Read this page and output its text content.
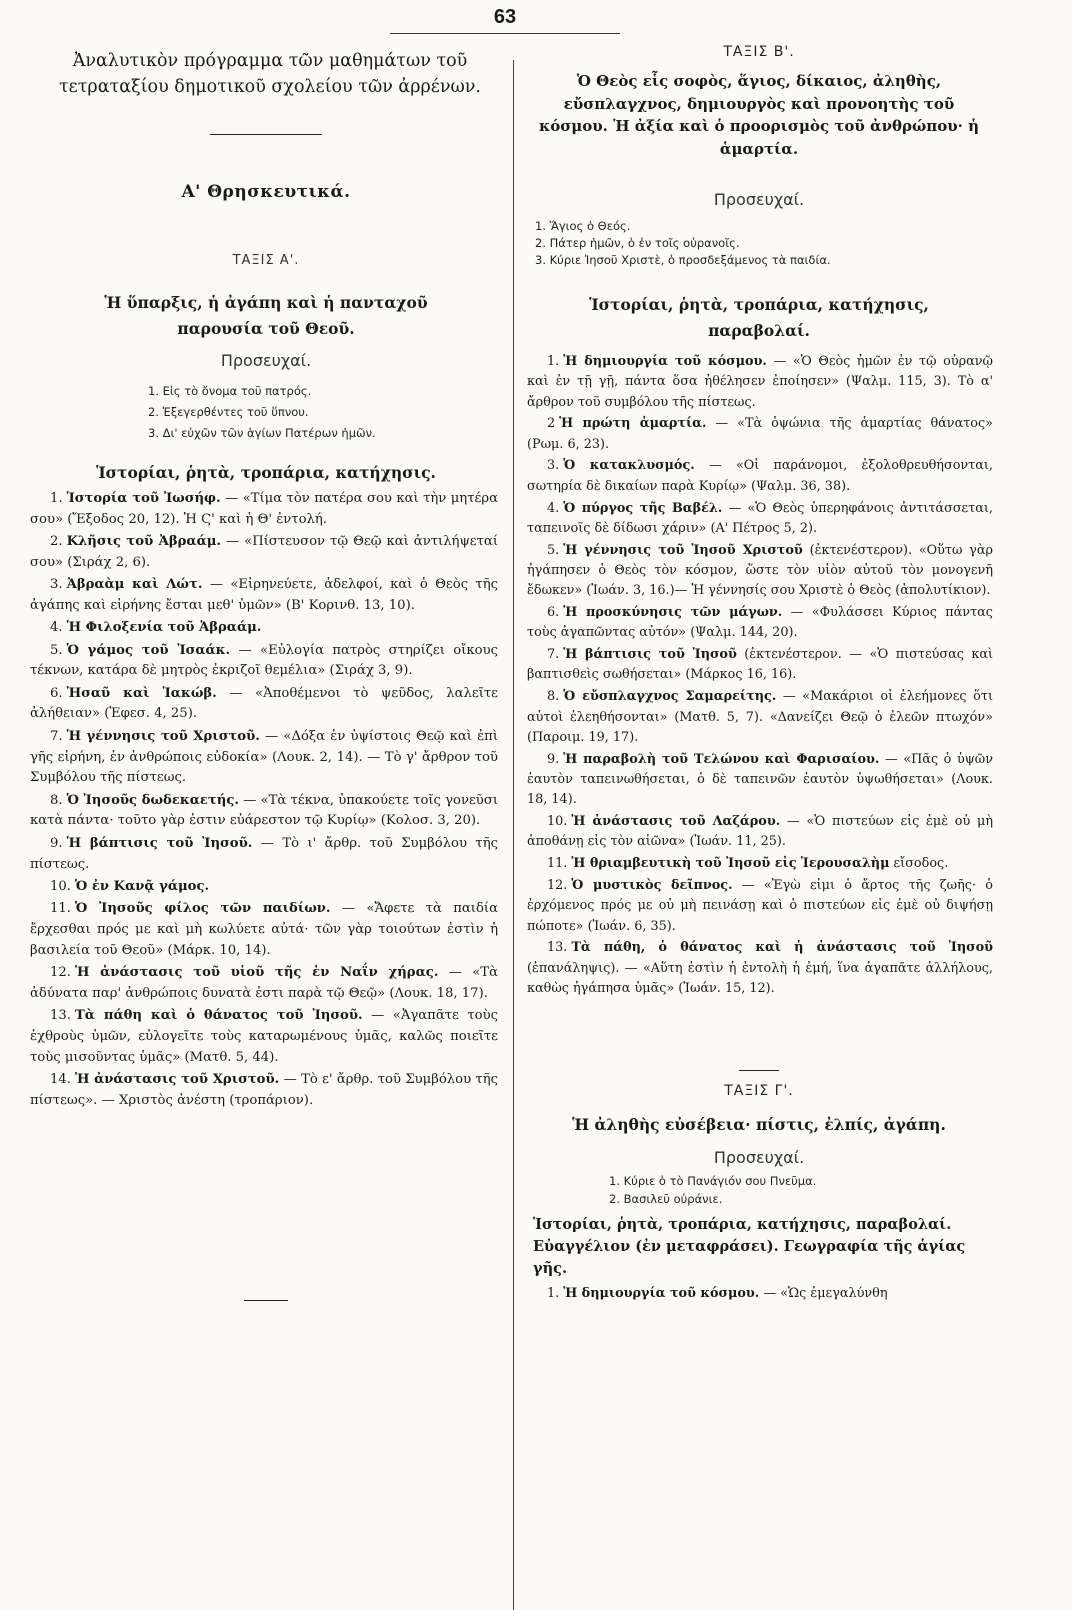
63
Ἀναλυτικὸν πρόγραμμα τῶν μαθημάτων τοῦ τετραταξίου δημοτικοῦ σχολείου τῶν ἀρρένων.
Α' Θρησκευτικά.
ΤΑΞΙΣ Α'.
Ἡ ὕπαρξις, ἡ ἀγάπη καὶ ἡ πανταχοῦ παρουσία τοῦ Θεοῦ.
Προσευχαί.
1. Εἰς τὸ ὄνομα τοῦ πατρός.
2. Ἐξεγερθέντες τοῦ ὕπνου.
3. Δι' εὐχῶν τῶν ἁγίων Πατέρων ἡμῶν.
Ἱστορίαι, ῥητὰ, τροπάρια, κατήχησις.
1. Ἱστορία τοῦ Ἰωσήφ. — «Τίμα τὸν πατέρα σου καὶ τὴν μητέρα σου» (Ἔξοδος 20, 12). Ἡ Ϛ' καὶ ἡ Θ' ἐντολή.
2. Κλῆσις τοῦ Ἀβραάμ. — «Πίστευσον τῷ Θεῷ καὶ ἀντιλήψεταί σου» (Σιράχ 2, 6).
3. Ἀβραὰμ καὶ Λώτ. — «Εἰρηνεύετε, ἀδελφοί, καὶ ὁ Θεὸς τῆς ἀγάπης καὶ εἰρήνης ἔσται μεθ' ὑμῶν» (Β' Κορινθ. 13, 10).
4. Ἡ Φιλοξενία τοῦ Ἀβραάμ.
5. Ὁ γάμος τοῦ Ἰσαάκ. — «Εὐλογία πατρὸς στηρίζει οἴκους τέκνων, κατάρα δὲ μητρὸς ἐκριζοῖ θεμέλια» (Σιράχ 3, 9).
6. Ἠσαῦ καὶ Ἰακώβ. — «Ἀποθέμενοι τὸ ψεῦδος, λαλεῖτε ἀλήθειαν» (Ἐφεσ. 4, 25).
7. Ἡ γέννησις τοῦ Χριστοῦ. — «Δόξα ἐν ὑψίστοις Θεῷ καὶ ἐπὶ γῆς εἰρήνη, ἐν ἀνθρώποις εὐδοκία» (Λουκ. 2, 14). — Τὸ γ' ἄρθρον τοῦ Συμβόλου τῆς πίστεως.
8. Ὁ Ἰησοῦς δωδεκαετής. — «Τὰ τέκνα, ὑπακούετε τοῖς γονεῦσι κατὰ πάντα· τοῦτο γὰρ ἐστιν εὐάρεστον τῷ Κυρίῳ» (Κολοσ. 3, 20).
9. Ἡ βάπτισις τοῦ Ἰησοῦ. — Τὸ ι' ἄρθρ. τοῦ Συμβόλου τῆς πίστεως.
10. Ὁ ἐν Κανᾷ γάμος.
11. Ὁ Ἰησοῦς φίλος τῶν παιδίων. — «Ἄφετε τὰ παιδία ἔρχεσθαι πρός με καὶ μὴ κωλύετε αὐτά· τῶν γὰρ τοιούτων ἐστὶν ἡ βασιλεία τοῦ Θεοῦ» (Μάρκ. 10, 14).
12. Ἡ ἀνάστασις τοῦ υἱοῦ τῆς ἐν Ναΐν χήρας. — «Τὰ ἀδύνατα παρ' ἀνθρώποις δυνατὰ ἐστι παρὰ τῷ Θεῷ» (Λουκ. 18, 17).
13. Τὰ πάθη καὶ ὁ θάνατος τοῦ Ἰησοῦ. — «Ἀγαπᾶτε τοὺς ἐχθροὺς ὑμῶν, εὐλογεῖτε τοὺς καταρωμένους ὑμᾶς, καλῶς ποιεῖτε τοὺς μισοῦντας ὑμᾶς» (Ματθ. 5, 44).
14. Ἡ ἀνάστασις τοῦ Χριστοῦ. — Τὸ ε' ἄρθρ. τοῦ Συμβόλου τῆς πίστεως». — Χριστὸς ἀνέστη (τροπάριον).
ΤΑΞΙΣ Β'.
Ὁ Θεὸς εἷς σοφὸς, ἅγιος, δίκαιος, ἀληθὴς, εὔσπλαγχνος, δημιουργὸς καὶ προνοητὴς τοῦ κόσμου. Ἡ ἀξία καὶ ὁ προορισμὸς τοῦ ἀνθρώπου· ἡ ἁμαρτία.
Προσευχαί.
1. Ἅγιος ὁ Θεός.
2. Πάτερ ἡμῶν, ὁ ἐν τοῖς οὐρανοῖς.
3. Κύριε Ἰησοῦ Χριστὲ, ὁ προσδεξάμενος τὰ παιδία.
Ἱστορίαι, ῥητὰ, τροπάρια, κατήχησις, παραβολαί.
1. Ἡ δημιουργία τοῦ κόσμου. — «Ὁ Θεὸς ἡμῶν ἐν τῷ οὐρανῷ καὶ ἐν τῇ γῇ, πάντα ὅσα ἠθέλησεν ἐποίησεν» (Ψαλμ. 115, 3). Τὸ α' ἄρθρον τοῦ συμβόλου τῆς πίστεως.
2 Ἡ πρώτη ἁμαρτία. — «Τὰ ὀψώνια τῆς ἁμαρτίας θάνατος» (Ρωμ. 6, 23).
3. Ὁ κατακλυσμός. — «Οἱ παράνομοι, ἐξολοθρευθήσονται, σωτηρία δὲ δικαίων παρὰ Κυρίῳ» (Ψαλμ. 36, 38).
4. Ὁ πύργος τῆς Βαβέλ. — «Ὁ Θεὸς ὑπερηφάνοις ἀντιτάσσεται, ταπεινοῖς δὲ δίδωσι χάριν» (Α' Πέτρος 5, 2).
5. Ἡ γέννησις τοῦ Ἰησοῦ Χριστοῦ (ἐκτενέστερον). «Οὕτω γὰρ ἠγάπησεν ὁ Θεὸς τὸν κόσμον, ὥστε τὸν υἱὸν αὐτοῦ τὸν μονογενῆ ἔδωκεν» (Ἰωάν. 3, 16.)— Ἡ γέννησίς σου Χριστὲ ὁ Θεὸς (ἀπολυτίκιον).
6. Ἡ προσκύνησις τῶν μάγων. — «Φυλάσσει Κύριος πάντας τοὺς ἀγαπῶντας αὐτόν» (Ψαλμ. 144, 20).
7. Ἡ βάπτισις τοῦ Ἰησοῦ (ἐκτενέστερον. — «Ὁ πιστεύσας καὶ βαπτισθεὶς σωθήσεται» (Μάρκος 16, 16).
8. Ὁ εὔσπλαγχνος Σαμαρείτης. — «Μακάριοι οἱ ἐλεήμονες ὅτι αὐτοὶ ἐλεηθήσονται» (Ματθ. 5, 7). «Δανείζει Θεῷ ὁ ἐλεῶν πτωχόν» (Παροιμ. 19, 17).
9. Ἡ παραβολὴ τοῦ Τελώνου καὶ Φαρισαίου. — «Πᾶς ὁ ὑψῶν ἑαυτὸν ταπεινωθήσεται, ὁ δὲ ταπεινῶν ἑαυτὸν ὑψωθήσεται» (Λουκ. 18, 14).
10. Ἡ ἀνάστασις τοῦ Λαζάρου. — «Ὁ πιστεύων εἰς ἐμὲ οὐ μὴ ἀποθάνῃ εἰς τὸν αἰῶνα» (Ἰωάν. 11, 25).
11. Ἡ θριαμβευτικὴ τοῦ Ἰησοῦ εἰς Ἱερουσαλὴμ εἴσοδος.
12. Ὁ μυστικὸς δεῖπνος. — «Ἐγὼ εἰμι ὁ ἄρτος τῆς ζωῆς· ὁ ἐρχόμενος πρός με οὐ μὴ πεινάσῃ καὶ ὁ πιστεύων εἰς ἐμὲ οὐ διψήσῃ πώποτε» (Ἰωάν. 6, 35).
13. Τὰ πάθη, ὁ θάνατος καὶ ἡ ἀνάστασις τοῦ Ἰησοῦ (ἐπανάληψις). — «Αὕτη ἐστὶν ἡ ἐντολὴ ἡ ἐμή, ἵνα ἀγαπᾶτε ἀλλήλους, καθὼς ἠγάπησα ὑμᾶς» (Ἰωάν. 15, 12).
ΤΑΞΙΣ Γ'.
Ἡ ἀληθὴς εὐσέβεια· πίστις, ἐλπίς, ἀγάπη.
Προσευχαί.
1. Κύριε ὁ τὸ Πανάγιόν σου Πνεῦμα.
2. Βασιλεῦ οὐράνιε.
Ἱστορίαι, ῥητὰ, τροπάρια, κατήχησις, παραβολαί. Εὐαγγέλιον (ἐν μεταφράσει). Γεωγραφία τῆς ἁγίας γῆς.
1. Ἡ δημιουργία τοῦ κόσμου. — «Ὡς ἐμεγαλύνθη
